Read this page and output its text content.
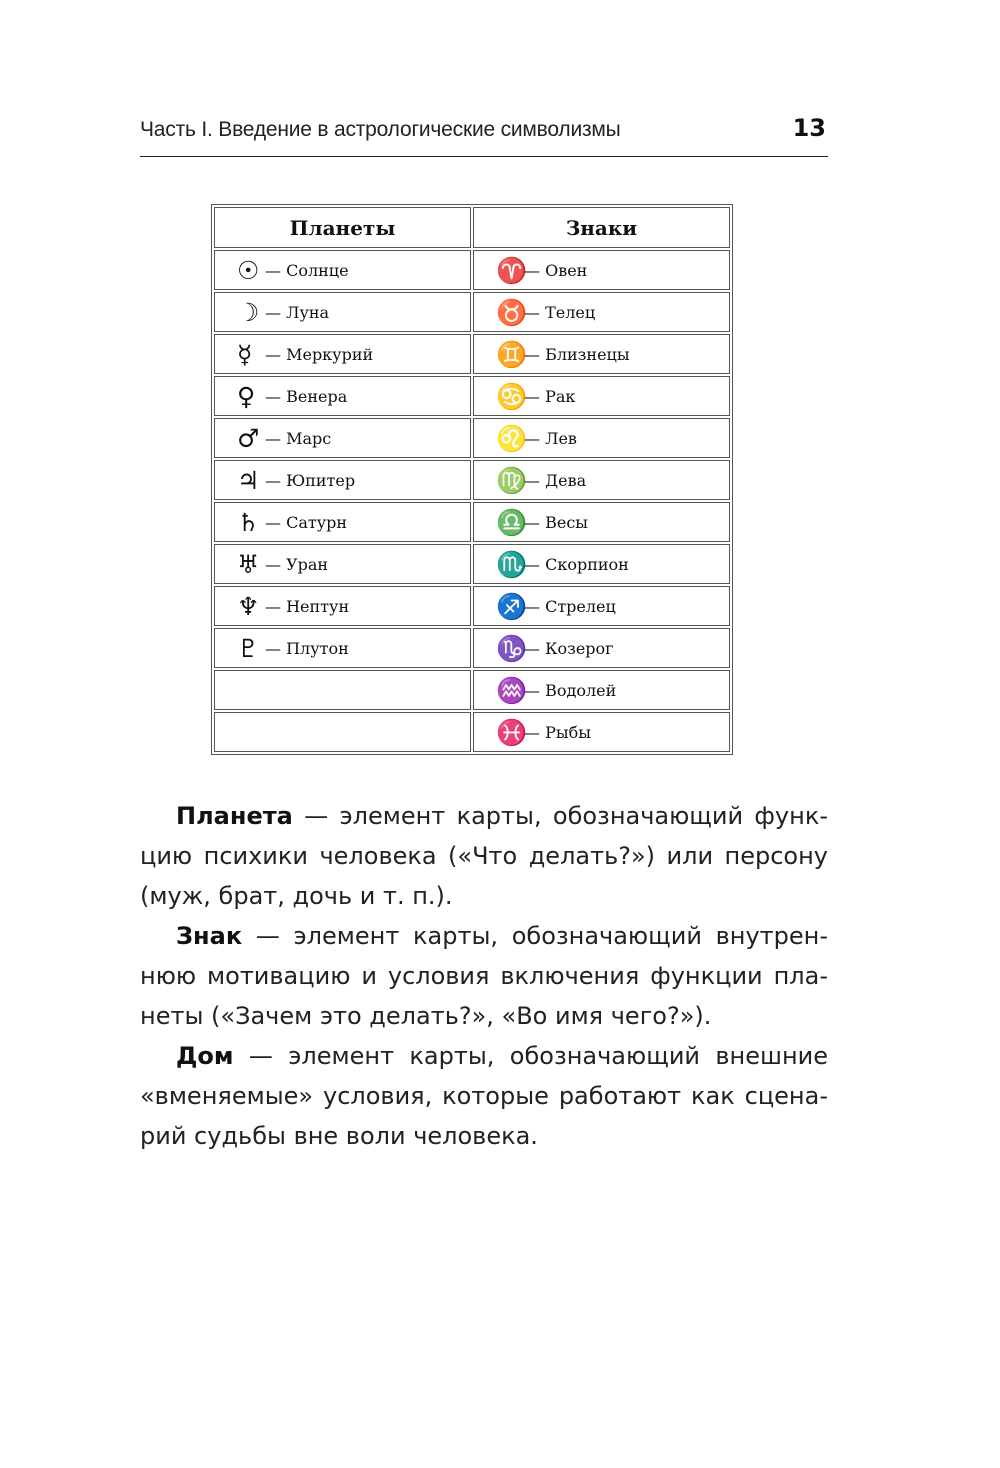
Часть I. Введение в астрологические символизмы	13
Планеты	Знаки
☉ — Солнце	♈— Овен
☽ — Луна	♉— Телец
☿ — Меркурий	♊— Близнецы
♀ — Венера	♋— Рак
♂ — Марс	♌— Лев
♃ — Юпитер	♍— Дева
♄ — Сатурн	♎— Весы
♅ — Уран	♏— Скорпион
♆ — Нептун	♐— Стрелец
♇ — Плутон	♑— Козерог
	♒— Водолей
	♓— Рыбы

Планета — элемент карты, обозначающий функцию психики человека («Что делать?») или персону (муж, брат, дочь и т. п.).

Знак — элемент карты, обозначающий внутреннюю мотивацию и условия включения функции планеты («Зачем это делать?», «Во имя чего?»).

Дом — элемент карты, обозначающий внешние «вменяемые» условия, которые работают как сценарий судьбы вне воли человека.
